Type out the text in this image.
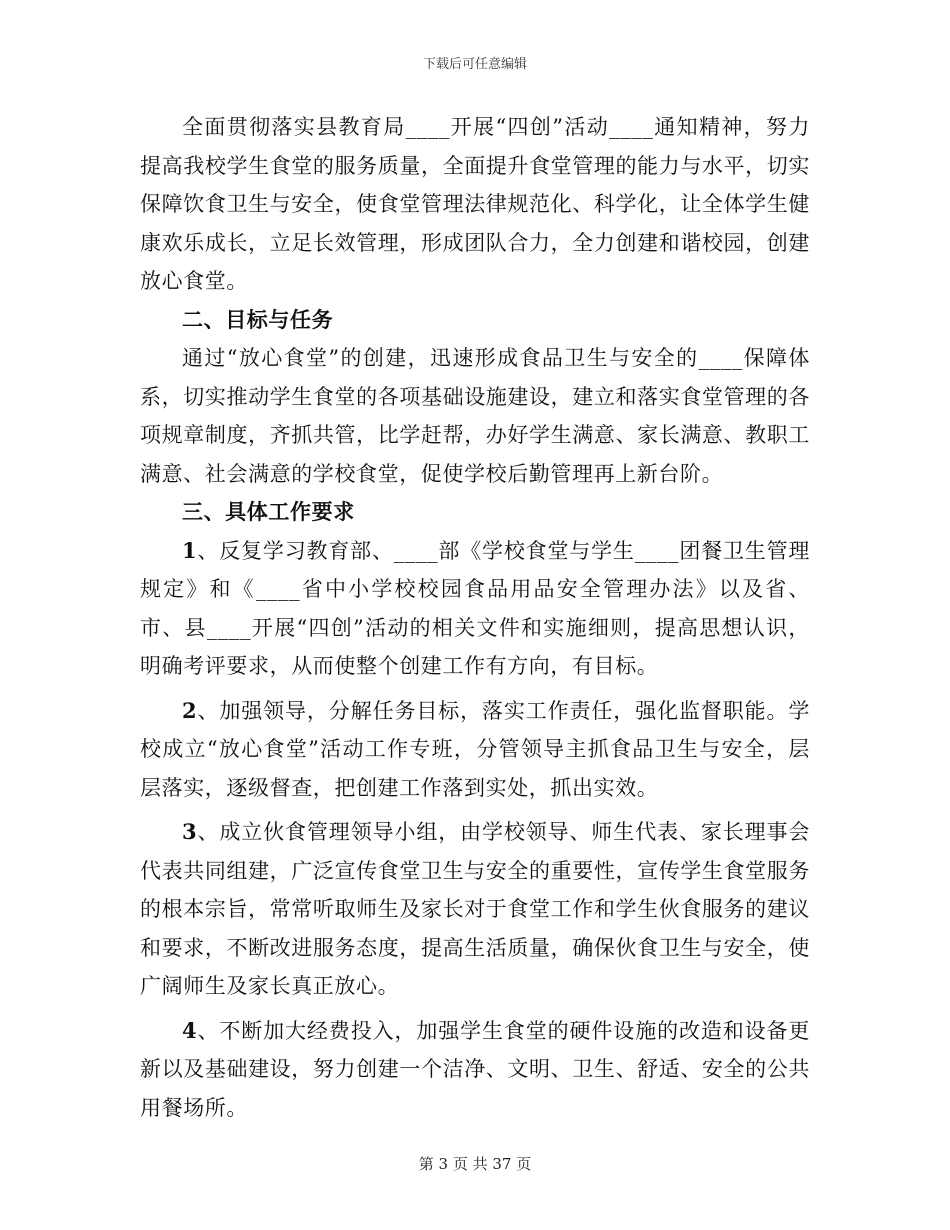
下载后可任意编辑

全面贯彻落实县教育局____开展“四创”活动____通知精神，努力提高我校学生食堂的服务质量，全面提升食堂管理的能力与水平，切实保障饮食卫生与安全，使食堂管理法律规范化、科学化，让全体学生健康欢乐成长，立足长效管理，形成团队合力，全力创建和谐校园，创建放心食堂。

二、目标与任务

通过“放心食堂”的创建，迅速形成食品卫生与安全的____保障体系，切实推动学生食堂的各项基础设施建设，建立和落实食堂管理的各项规章制度，齐抓共管，比学赶帮，办好学生满意、家长满意、教职工满意、社会满意的学校食堂，促使学校后勤管理再上新台阶。

三、具体工作要求

1、反复学习教育部、____部《学校食堂与学生____团餐卫生管理规定》和《____省中小学校校园食品用品安全管理办法》以及省、市、县____开展“四创”活动的相关文件和实施细则，提高思想认识，明确考评要求，从而使整个创建工作有方向，有目标。

2、加强领导，分解任务目标，落实工作责任，强化监督职能。学校成立“放心食堂”活动工作专班，分管领导主抓食品卫生与安全，层层落实，逐级督查，把创建工作落到实处，抓出实效。

3、成立伙食管理领导小组，由学校领导、师生代表、家长理事会代表共同组建，广泛宣传食堂卫生与安全的重要性，宣传学生食堂服务的根本宗旨，常常听取师生及家长对于食堂工作和学生伙食服务的建议和要求，不断改进服务态度，提高生活质量，确保伙食卫生与安全，使广阔师生及家长真正放心。

4、不断加大经费投入，加强学生食堂的硬件设施的改造和设备更新以及基础建设，努力创建一个洁净、文明、卫生、舒适、安全的公共用餐场所。

第 3 页 共 37 页
